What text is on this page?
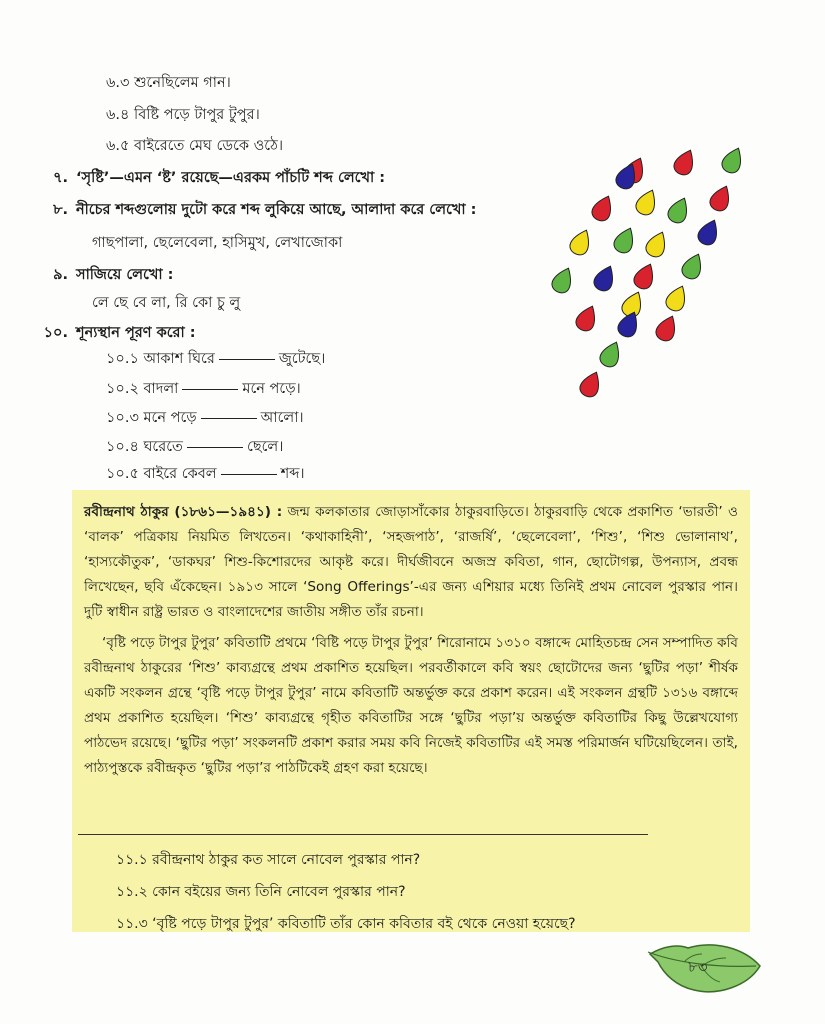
৬.৩ শুনেছিলেম গান।
৬.৪ বিষ্টি পড়ে টাপুর টুপুর।
৬.৫ বাইরেতে মেঘ ডেকে ওঠে।
৭. ‘সৃষ্টি’—এমন ‘ষ্ট’ রয়েছে—এরকম পাঁচটি শব্দ লেখো :
৮. নীচের শব্দগুলোয় দুটো করে শব্দ লুকিয়ে আছে, আলাদা করে লেখো :
গাছপালা, ছেলেবেলা, হাসিমুখ, লেখাজোকা
৯. সাজিয়ে লেখো :
লে ছে বে লা, রি কো চু লু
১০. শূন্যস্থান পূরণ করো :
১০.১ আকাশ ঘিরে	জুটেছে।
১০.২ বাদলা	মনে পড়ে।
১০.৩ মনে পড়ে	আলো।
১০.৪ ঘরেতে	ছেলে।
১০.৫ বাইরে কেবল	শব্দ।

রবীন্দ্রনাথ ঠাকুর (১৮৬১—১৯৪১) : জন্ম কলকাতার জোড়াসাঁকোর ঠাকুরবাড়িতে। ঠাকুরবাড়ি থেকে প্রকাশিত ‘ভারতী’ ও ‘বালক’ পত্রিকায় নিয়মিত লিখতেন। ‘কথাকাহিনী’, ‘সহজপাঠ’, ‘রাজর্ষি’, ‘ছেলেবেলা’, ‘শিশু’, ‘শিশু ভোলানাথ’, ‘হাস্যকৌতুক’, ‘ডাকঘর’ শিশু-কিশোরদের আকৃষ্ট করে। দীর্ঘজীবনে অজস্র কবিতা, গান, ছোটোগল্প, উপন্যাস, প্রবন্ধ লিখেছেন, ছবি এঁকেছেন। ১৯১৩ সালে ‘Song Offerings’-এর জন্য এশিয়ার মধ্যে তিনিই প্রথম নোবেল পুরস্কার পান। দুটি স্বাধীন রাষ্ট্র ভারত ও বাংলাদেশের জাতীয় সঙ্গীত তাঁর রচনা।

‘বৃষ্টি পড়ে টাপুর টুপুর’ কবিতাটি প্রথমে ‘বিষ্টি পড়ে টাপুর টুপুর’ শিরোনামে ১৩১০ বঙ্গাব্দে মোহিতচন্দ্র সেন সম্পাদিত কবি রবীন্দ্রনাথ ঠাকুরের ‘শিশু’ কাব্যগ্রন্থে প্রথম প্রকাশিত হয়েছিল। পরবর্তীকালে কবি স্বয়ং ছোটোদের জন্য ‘ছুটির পড়া’ শীর্ষক একটি সংকলন গ্রন্থে ‘বৃষ্টি পড়ে টাপুর টুপুর’ নামে কবিতাটি অন্তর্ভুক্ত করে প্রকাশ করেন। এই সংকলন গ্রন্থটি ১৩১৬ বঙ্গাব্দে প্রথম প্রকাশিত হয়েছিল। ‘শিশু’ কাব্যগ্রন্থে গৃহীত কবিতাটির সঙ্গে ‘ছুটির পড়া’য় অন্তর্ভুক্ত কবিতাটির কিছু উল্লেখযোগ্য পাঠভেদ রয়েছে। ‘ছুটির পড়া’ সংকলনটি প্রকাশ করার সময় কবি নিজেই কবিতাটির এই সমস্ত পরিমার্জন ঘটিয়েছিলেন। তাই, পাঠ্যপুস্তকে রবীন্দ্রকৃত ‘ছুটির পড়া’র পাঠটিকেই গ্রহণ করা হয়েছে।

১১.১ রবীন্দ্রনাথ ঠাকুর কত সালে নোবেল পুরস্কার পান?
১১.২ কোন বইয়ের জন্য তিনি নোবেল পুরস্কার পান?
১১.৩ ‘বৃষ্টি পড়ে টাপুর টুপুর’ কবিতাটি তাঁর কোন কবিতার বই থেকে নেওয়া হয়েছে?
৮৩
